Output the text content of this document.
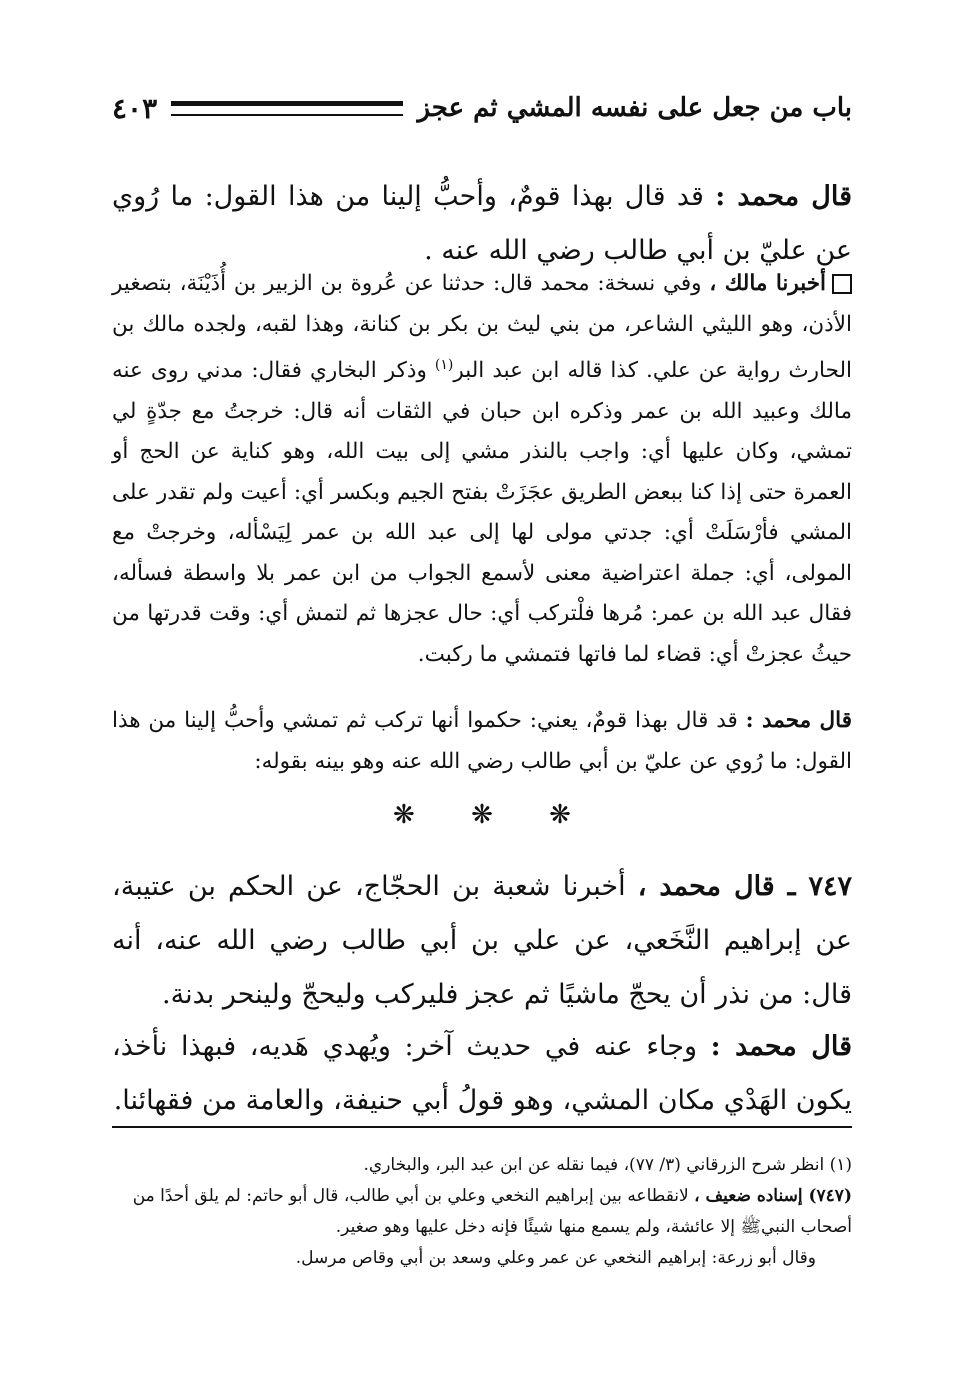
باب من جعل على نفسه المشي ثم عجز
٤٠٣
قال محمد : قد قال بهذا قومٌ، وأحبُّ إلينا من هذا القول: ما رُوي عن عليّ بن أبي طالب رضي الله عنه .
أخبرنا مالك ، وفي نسخة: محمد قال: حدثنا عن عُروة بن الزبير بن أُذَيْنَة، بتصغير الأذن، وهو الليثي الشاعر، من بني ليث بن بكر بن كنانة، وهذا لقبه، ولجده مالك بن الحارث رواية عن علي. كذا قاله ابن عبد البر$^{(١)}$ وذكر البخاري فقال: مدني روى عنه مالك وعبيد الله بن عمر وذكره ابن حبان في الثقات أنه قال: خرجتُ مع جدّةٍ لي تمشي، وكان عليها أي: واجب بالنذر مشي إلى بيت الله، وهو كناية عن الحج أو العمرة حتى إذا كنا ببعض الطريق عجَزَتْ بفتح الجيم وبكسر أي: أعيت ولم تقدر على المشي فأرْسَلَتْ أي: جدتي مولى لها إلى عبد الله بن عمر لِيَسْأله، وخرجتْ مع المولى، أي: جملة اعتراضية معنى لأسمع الجواب من ابن عمر بلا واسطة فسأله، فقال عبد الله بن عمر: مُرها فلْتركب أي: حال عجزها ثم لتمش أي: وقت قدرتها من حيثُ عجزتْ أي: قضاء لما فاتها فتمشي ما ركبت.
قال محمد : قد قال بهذا قومٌ، يعني: حكموا أنها تركب ثم تمشي وأحبُّ إلينا من هذا القول: ما رُوي عن عليّ بن أبي طالب رضي الله عنه وهو بينه بقوله:
❋ ❋ ❋
٧٤٧ ـ قال محمد ، أخبرنا شعبة بن الحجّاج، عن الحكم بن عتيبة، عن إبراهيم النَّخَعي، عن علي بن أبي طالب رضي الله عنه، أنه قال: من نذر أن يحجّ ماشيًا ثم عجز فليركب وليحجّ ولينحر بدنة.
قال محمد : وجاء عنه في حديث آخر: ويُهدي هَديه، فبهذا نأخذ، يكون الهَدْي مكان المشي، وهو قولُ أبي حنيفة، والعامة من فقهائنا.

(١) انظر شرح الزرقاني (٣/ ٧٧)، فيما نقله عن ابن عبد البر، والبخاري.

(٧٤٧) إسناده ضعيف ، لانقطاعه بين إبراهيم النخعي وعلي بن أبي طالب، قال أبو حاتم: لم يلق أحدًا من أصحاب النبيﷺ إلا عائشة، ولم يسمع منها شيئًا فإنه دخل عليها وهو صغير.

وقال أبو زرعة: إبراهيم النخعي عن عمر وعلي وسعد بن أبي وقاص مرسل.
